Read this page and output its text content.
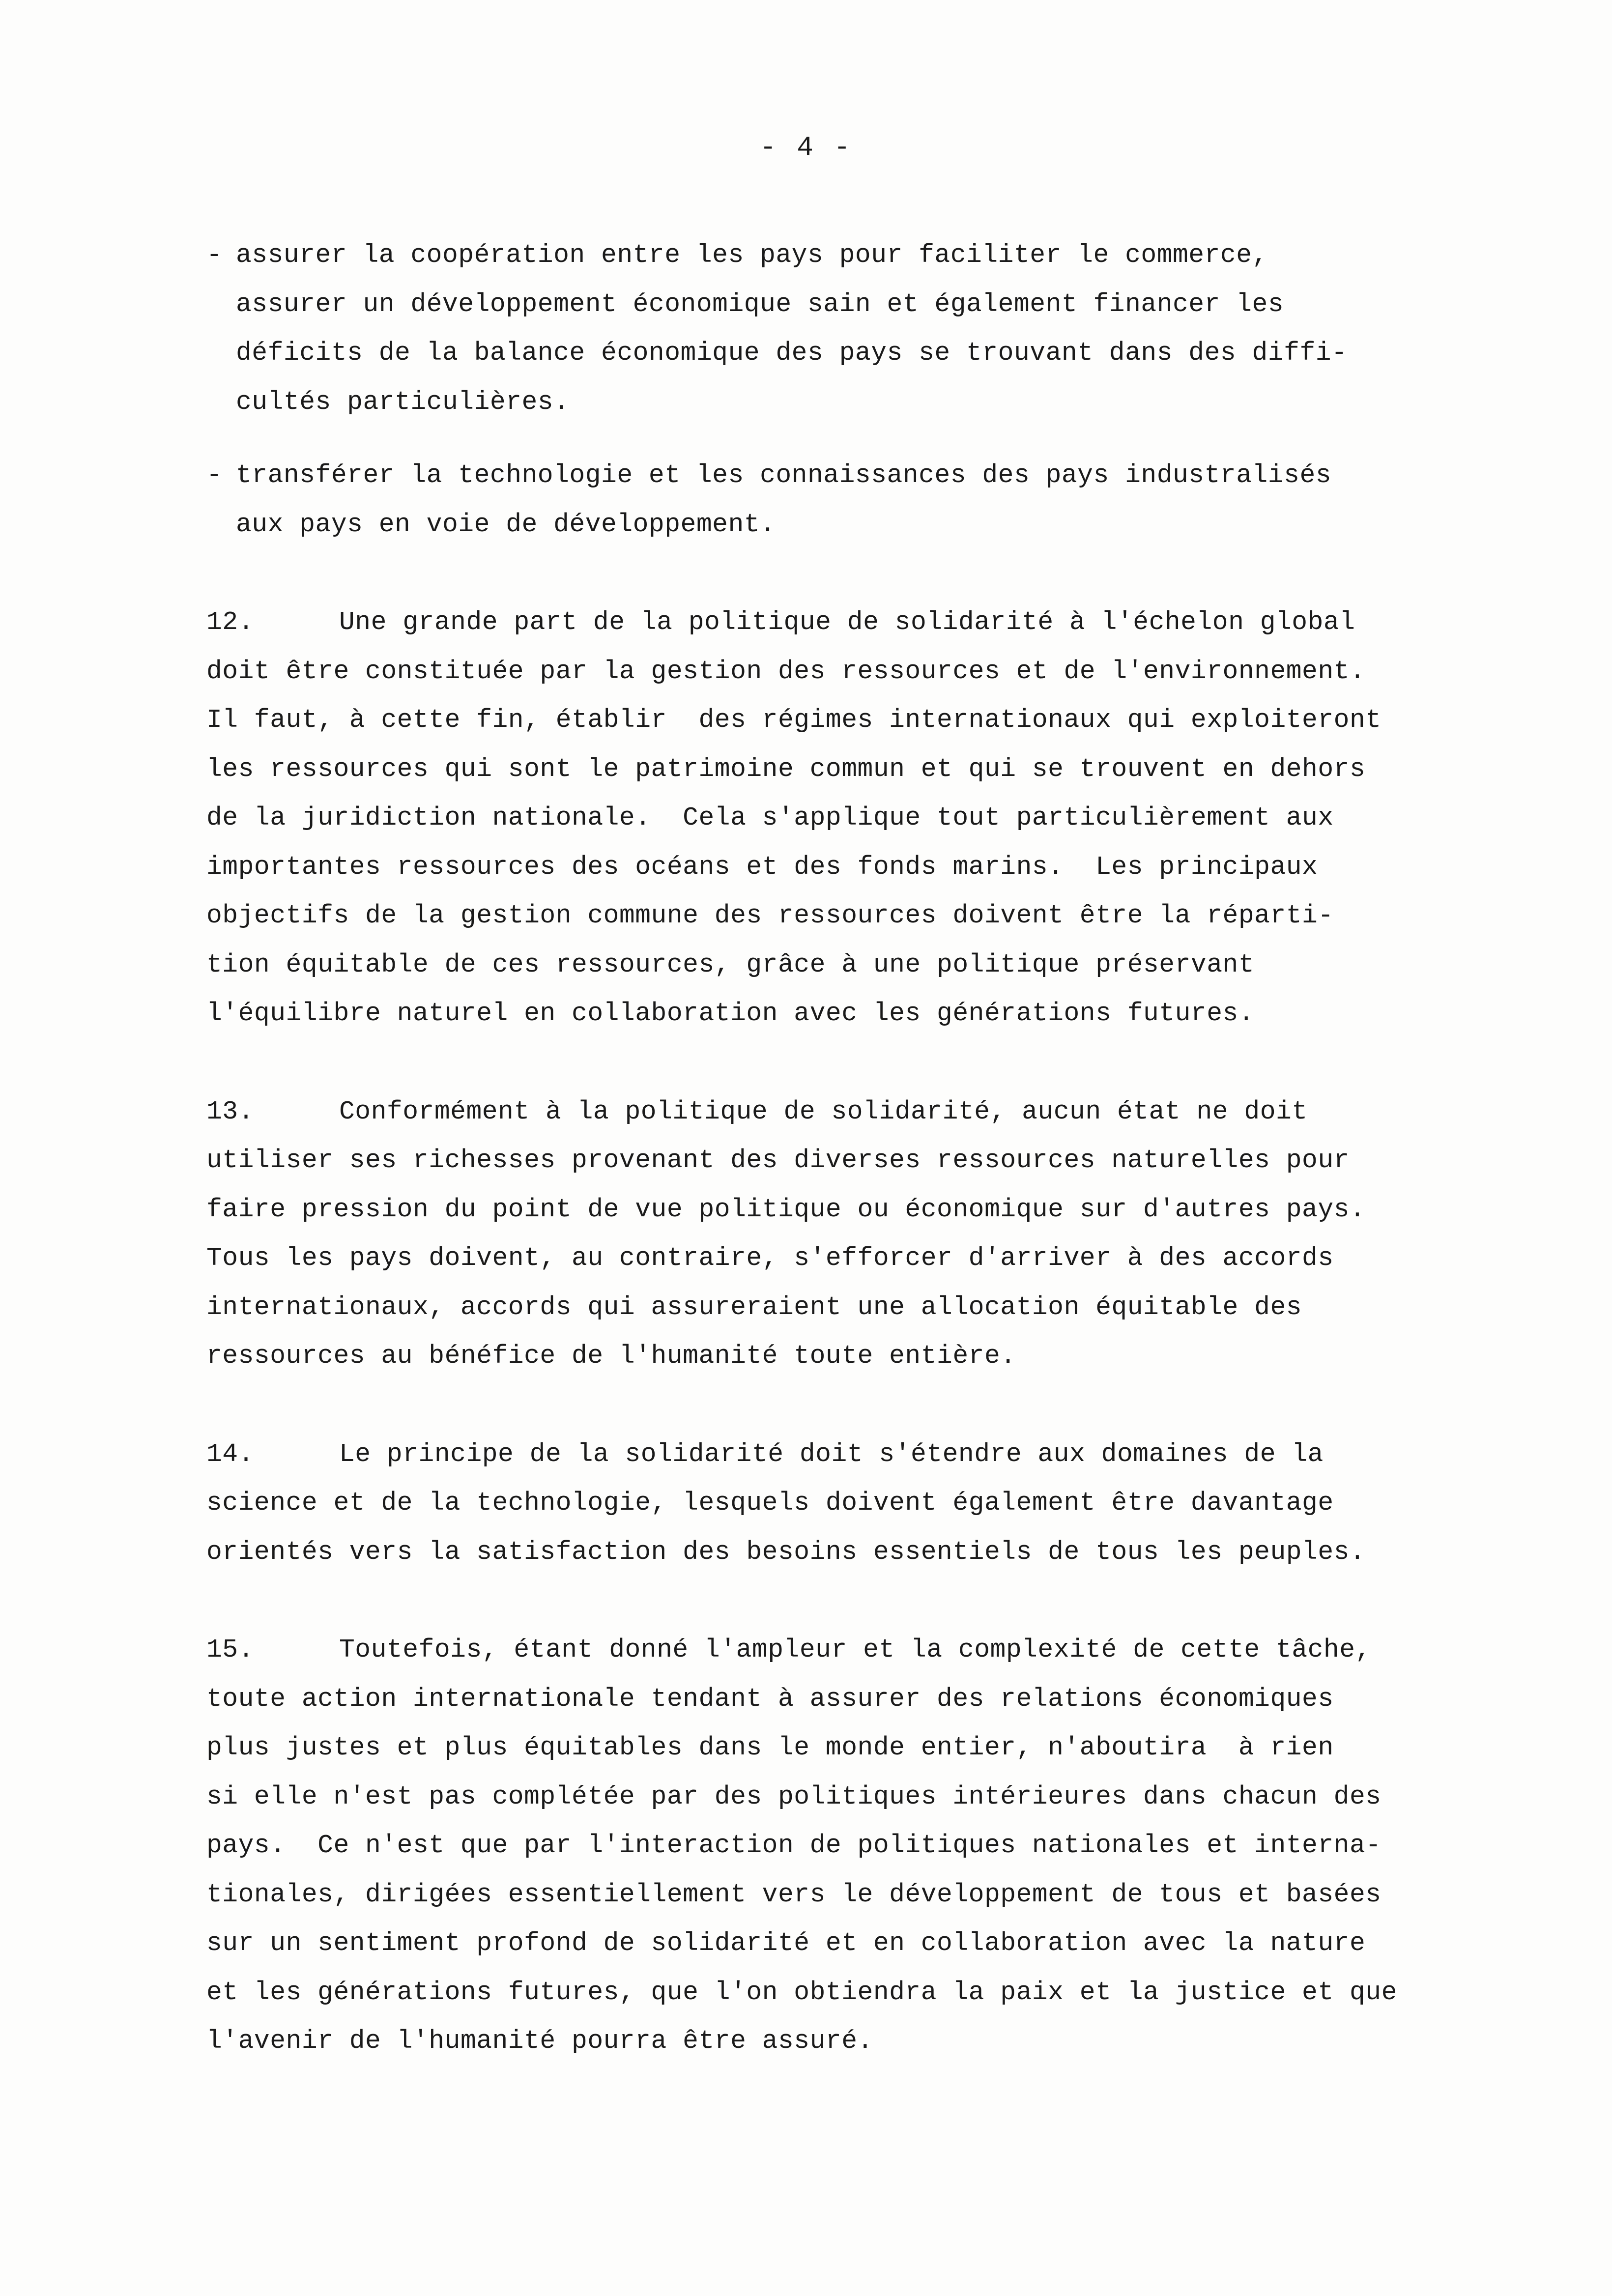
- 4 -
- assurer la coopération entre les pays pour faciliter le commerce,

assurer un développement économique sain et également financer les

déficits de la balance économique des pays se trouvant dans des diffi-

cultés particulières.

- transférer la technologie et les connaissances des pays industralisés

aux pays en voie de développement.

12.	Une grande part de la politique de solidarité à l'échelon global

doit être constituée par la gestion des ressources et de l'environnement.

Il faut, à cette fin, établir  des régimes internationaux qui exploiteront

les ressources qui sont le patrimoine commun et qui se trouvent en dehors

de la juridiction nationale.  Cela s'applique tout particulièrement aux

importantes ressources des océans et des fonds marins.  Les principaux

objectifs de la gestion commune des ressources doivent être la réparti-

tion équitable de ces ressources, grâce à une politique préservant

l'équilibre naturel en collaboration avec les générations futures.

13.	Conformément à la politique de solidarité, aucun état ne doit

utiliser ses richesses provenant des diverses ressources naturelles pour

faire pression du point de vue politique ou économique sur d'autres pays.

Tous les pays doivent, au contraire, s'efforcer d'arriver à des accords

internationaux, accords qui assureraient une allocation équitable des

ressources au bénéfice de l'humanité toute entière.

14.	Le principe de la solidarité doit s'étendre aux domaines de la

science et de la technologie, lesquels doivent également être davantage

orientés vers la satisfaction des besoins essentiels de tous les peuples.

15.	Toutefois, étant donné l'ampleur et la complexité de cette tâche,

toute action internationale tendant à assurer des relations économiques

plus justes et plus équitables dans le monde entier, n'aboutira  à rien

si elle n'est pas complétée par des politiques intérieures dans chacun des

pays.  Ce n'est que par l'interaction de politiques nationales et interna-

tionales, dirigées essentiellement vers le développement de tous et basées

sur un sentiment profond de solidarité et en collaboration avec la nature

et les générations futures, que l'on obtiendra la paix et la justice et que

l'avenir de l'humanité pourra être assuré.
